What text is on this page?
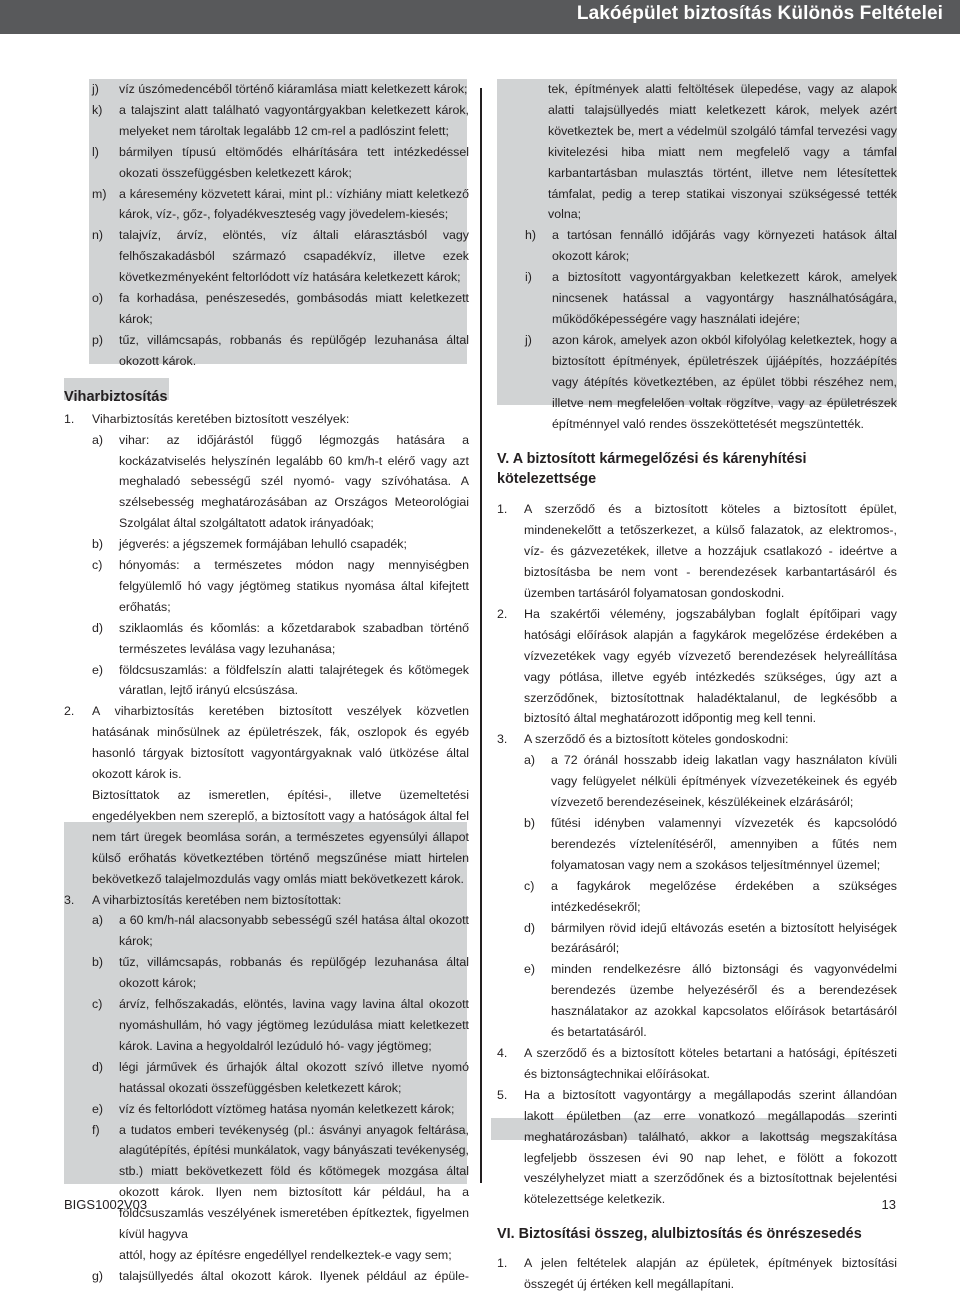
Lakóépület biztosítás Különös Feltételei
j)	víz úszómedencéből történő kiáramlása miatt keletkezett károk;
k)	a talajszint alatt található vagyontárgyakban keletkezett károk, melyeket nem tároltak legalább 12 cm-rel a padlószint felett;
l)	bármilyen típusú eltömődés elhárítására tett intézkedéssel okozati összefüggésben keletkezett károk;
m)	a káresemény közvetett kárai, mint pl.: vízhiány miatt keletkező károk, víz-, gőz-, folyadékveszteség vagy jövedelem-kiesés;
n)	talajvíz, árvíz, elöntés, víz általi elárasztásból vagy felhőszakadásból származó csapadékvíz, illetve ezek következményeként feltorlódott víz hatására keletkezett károk;
o)	fa korhadása, penészesedés, gombásodás miatt keletkezett károk;
p)	tűz, villámcsapás, robbanás és repülőgép lezuhanása által okozott károk.
Viharbiztosítás
1.	Viharbiztosítás keretében biztosított veszélyek:
a)	vihar: az időjárástól függő légmozgás hatására a kockázatviselés helyszínén legalább 60 km/h-t elérő vagy azt meghaladó sebességű szél nyomó- vagy szívóhatása. A szélsebesség meghatározásában az Országos Meteorológiai Szolgálat által szolgáltatott adatok irányadóak;
b)	jégverés: a jégszemek formájában lehulló csapadék;
c)	hónyomás: a természetes módon nagy mennyiségben felgyülemlő hó vagy jégtömeg statikus nyomása által kifejtett erőhatás;
d)	sziklaomlás és kőomlás: a kőzetdarabok szabadban történő természetes leválása vagy lezuhanása;
e)	földcsuszamlás: a földfelszín alatti talajrétegek és kőtömegek váratlan, lejtő irányú elcsúszása.
2.	A viharbiztosítás keretében biztosított veszélyek közvetlen hatásának minősülnek az épületrészek, fák, oszlopok és egyéb hasonló tárgyak biztosított vagyontárgyaknak való ütközése által okozott károk is.
Biztosíttatok az ismeretlen, építési-, illetve üzemeltetési engedélyekben nem szereplő, a biztosított vagy a hatóságok által fel nem tárt üregek beomlása során, a természetes egyensúlyi állapot külső erőhatás következtében történő megszűnése miatt hirtelen bekövetkező talajelmozdulás vagy omlás miatt bekövetkezett károk.
3.	A viharbiztosítás keretében nem biztosítottak:
a)	a 60 km/h-nál alacsonyabb sebességű szél hatása által okozott károk;
b)	tűz, villámcsapás, robbanás és repülőgép lezuhanása által okozott károk;
c)	árvíz, felhőszakadás, elöntés, lavina vagy lavina által okozott nyomáshullám, hó vagy jégtömeg lezúdulása miatt keletkezett károk. Lavina a hegyoldalról lezúduló hó- vagy jégtömeg;
d)	légi járművek és űrhajók által okozott szívó illetve nyomó hatással okozati összefüggésben keletkezett károk;
e)	víz és feltorlódott víztömeg hatása nyomán keletkezett károk;
f)	a tudatos emberi tevékenység (pl.: ásványi anyagok feltárása, alagútépítés, építési munkálatok, vagy bányászati tevékenység, stb.) miatt bekövetkezett föld és kőtömegek mozgása által okozott károk. Ilyen nem biztosított kár például, ha a földcsuszamlás veszélyének ismeretében építkeztek, figyelmen kívül hagyva
attól, hogy az építésre engedéllyel rendelkeztek-e vagy sem;
g)	talajsüllyedés által okozott károk. Ilyenek például az épüle-
tek, építmények alatti feltöltések ülepedése, vagy az alapok alatti talajsüllyedés miatt keletkezett károk, melyek azért következtek be, mert a védelmül szolgáló támfal tervezési vagy kivitelezési hiba miatt nem megfelelő vagy a támfal karbantartásban mulasztás történt, illetve nem létesítettek támfalat, pedig a terep statikai viszonyai szükségessé tették volna;
h)	a tartósan fennálló időjárás vagy környezeti hatások által okozott károk;
i)	a biztosított vagyontárgyakban keletkezett károk, amelyek nincsenek hatással a vagyontárgy használhatóságára, működőképességére vagy használati idejére;
j)	azon károk, amelyek azon okból kifolyólag keletkeztek, hogy a biztosított építmények, épületrészek újjáépítés, hozzáépítés vagy átépítés következtében, az épület többi részéhez nem, illetve nem megfelelően voltak rögzítve, vagy az épületrészek építménnyel való rendes összeköttetését megszüntették.
V. A biztosított kármegelőzési és kárenyhítési kötelezettsége
1.	A szerződő és a biztosított köteles a biztosított épület, mindenekelőtt a tetőszerkezet, a külső falazatok, az elektromos-, víz- és gázvezetékek, illetve a hozzájuk csatlakozó - ideértve a biztosításba be nem vont - berendezések karbantartásáról és üzemben tartásáról folyamatosan gondoskodni.
2.	Ha szakértői vélemény, jogszabályban foglalt építőipari vagy hatósági előírások alapján a fagykárok megelőzése érdekében a vízvezetékek vagy egyéb vízvezető berendezések helyreállítása vagy pótlása, illetve egyéb intézkedés szükséges, úgy azt a szerződőnek, biztosítottnak haladéktalanul, de legkésőbb a biztosító által meghatározott időpontig meg kell tenni.
3.	A szerződő és a biztosított köteles gondoskodni:
a)	a 72 óránál hosszabb ideig lakatlan vagy használaton kívüli vagy felügyelet nélküli építmények vízvezetékeinek és egyéb vízvezető berendezéseinek, készülékeinek elzárásáról;
b)	fűtési idényben valamennyi vízvezeték és kapcsolódó berendezés víztelenítéséről, amennyiben a fűtés nem folyamatosan vagy nem a szokásos teljesítménnyel üzemel;
c)	a fagykárok megelőzése érdekében a szükséges intézkedésekről;
d)	bármilyen rövid idejű eltávozás esetén a biztosított helyiségek bezárásáról;
e)	minden rendelkezésre álló biztonsági és vagyonvédelmi berendezés üzembe helyezéséről és a berendezések használatakor az azokkal kapcsolatos előírások betartásáról és betartatásáról.
4.	A szerződő és a biztosított köteles betartani a hatósági, építészeti és biztonságtechnikai előírásokat.
5.	Ha a biztosított vagyontárgy a megállapodás szerint állandóan lakott épületben (az erre vonatkozó megállapodás szerinti meghatározásban) található, akkor a lakottság megszakítása legfeljebb összesen évi 90 nap lehet, e fölött a fokozott veszélyhelyzet miatt a szerződőnek és a biztosítottnak bejelentési kötelezettsége keletkezik.
VI. Biztosítási összeg, alulbiztosítás és önrészesedés
1.	A jelen feltételek alapján az épületek, építmények biztosítási összegét új értéken kell megállapítani.
BIGS1002V03	13
